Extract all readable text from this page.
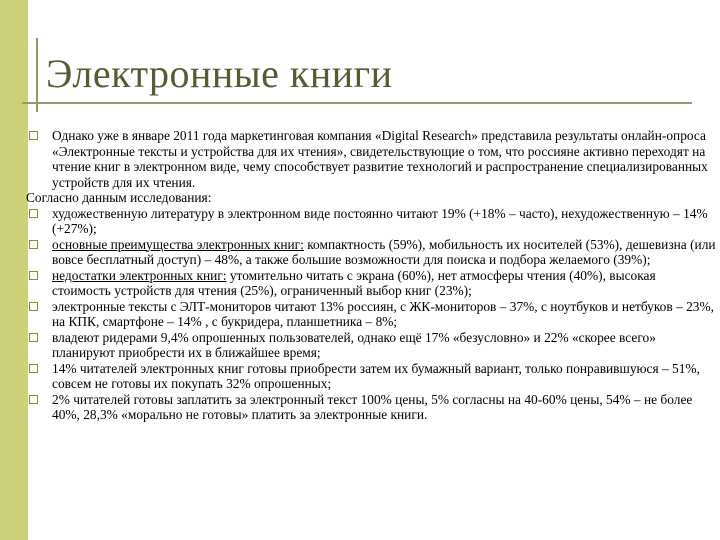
Электронные книги
Однако уже в январе 2011 года маркетинговая компания «Digital Research» представила результаты онлайн-опроса «Электронные тексты и устройства для их чтения», свидетельствующие о том, что россияне активно переходят на чтение книг в электронном виде, чему способствует развитие технологий и распространение специализированных устройств для их чтения.
Согласно данным исследования:
художественную литературу в электронном виде постоянно читают 19% (+18% – часто), нехудожественную – 14% (+27%);
основные преимущества электронных книг: компактность (59%), мобильность их носителей (53%), дешевизна (или вовсе бесплатный доступ) – 48%, а также большие возможности для поиска и подбора желаемого (39%);
недостатки электронных книг: утомительно читать с экрана (60%), нет атмосферы чтения (40%), высокая стоимость устройств для чтения (25%), ограниченный выбор книг (23%);
электронные тексты с ЭЛТ-мониторов читают 13% россиян, с ЖК-мониторов – 37%, с ноутбуков и нетбуков – 23%, на КПК, смартфоне – 14% , с букридера, планшетника – 8%;
владеют ридерами 9,4% опрошенных пользователей, однако ещё 17% «безусловно» и 22% «скорее всего» планируют приобрести их в ближайшее время;
14% читателей электронных книг готовы приобрести затем их бумажный вариант, только понравившуюся – 51%, совсем не готовы их покупать 32% опрошенных;
2% читателей готовы заплатить за электронный текст 100% цены, 5% согласны на 40-60% цены, 54% – не более 40%, 28,3% «морально не готовы» платить за электронные книги.
